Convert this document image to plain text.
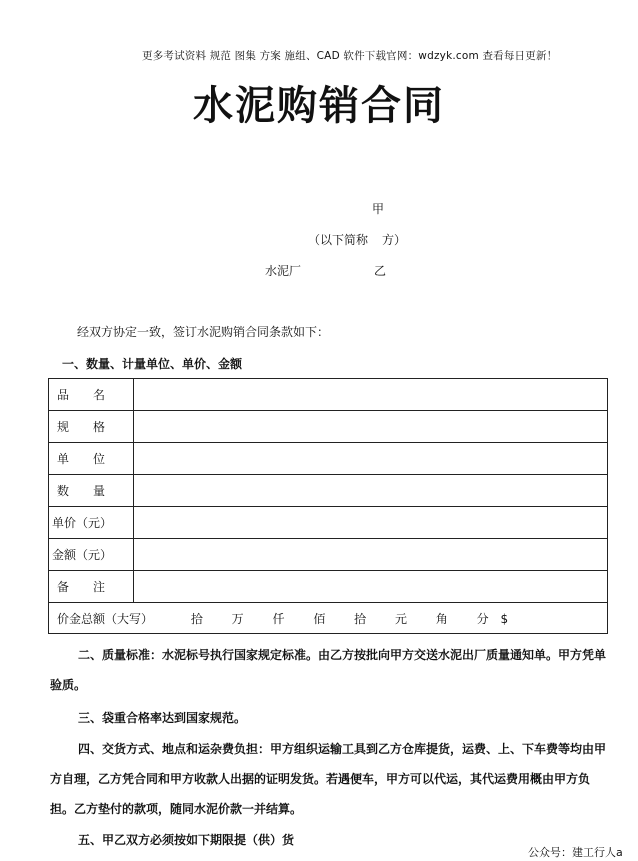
更多考试资料 规范 图集 方案 施组、CAD 软件下载官网：wdzyk.com 查看每日更新！
水泥购销合同
甲
（以下简称 方）
水泥厂	乙
经双方协定一致，签订水泥购销合同条款如下：
一、数量、计量单位、单价、金额
品 名	
规 格	
单 位	
数 量	
单价（元）	
金额（元）	
备 注	
价金总额（大写） 拾 万 仟 佰 拾 元 角 分 $	
二、质量标准：水泥标号执行国家规定标准。由乙方按批向甲方交送水泥出厂质量通知单。甲方凭单验质。
三、袋重合格率达到国家规范。
四、交货方式、地点和运杂费负担：甲方组织运输工具到乙方仓库提货，运费、上、下车费等均由甲方自理，乙方凭合同和甲方收款人出据的证明发货。若遇便车，甲方可以代运，其代运费用概由甲方负担。乙方垫付的款项，随同水泥价款一并结算。
五、甲乙双方必须按如下期限提（供）货
公众号：建工行人a
